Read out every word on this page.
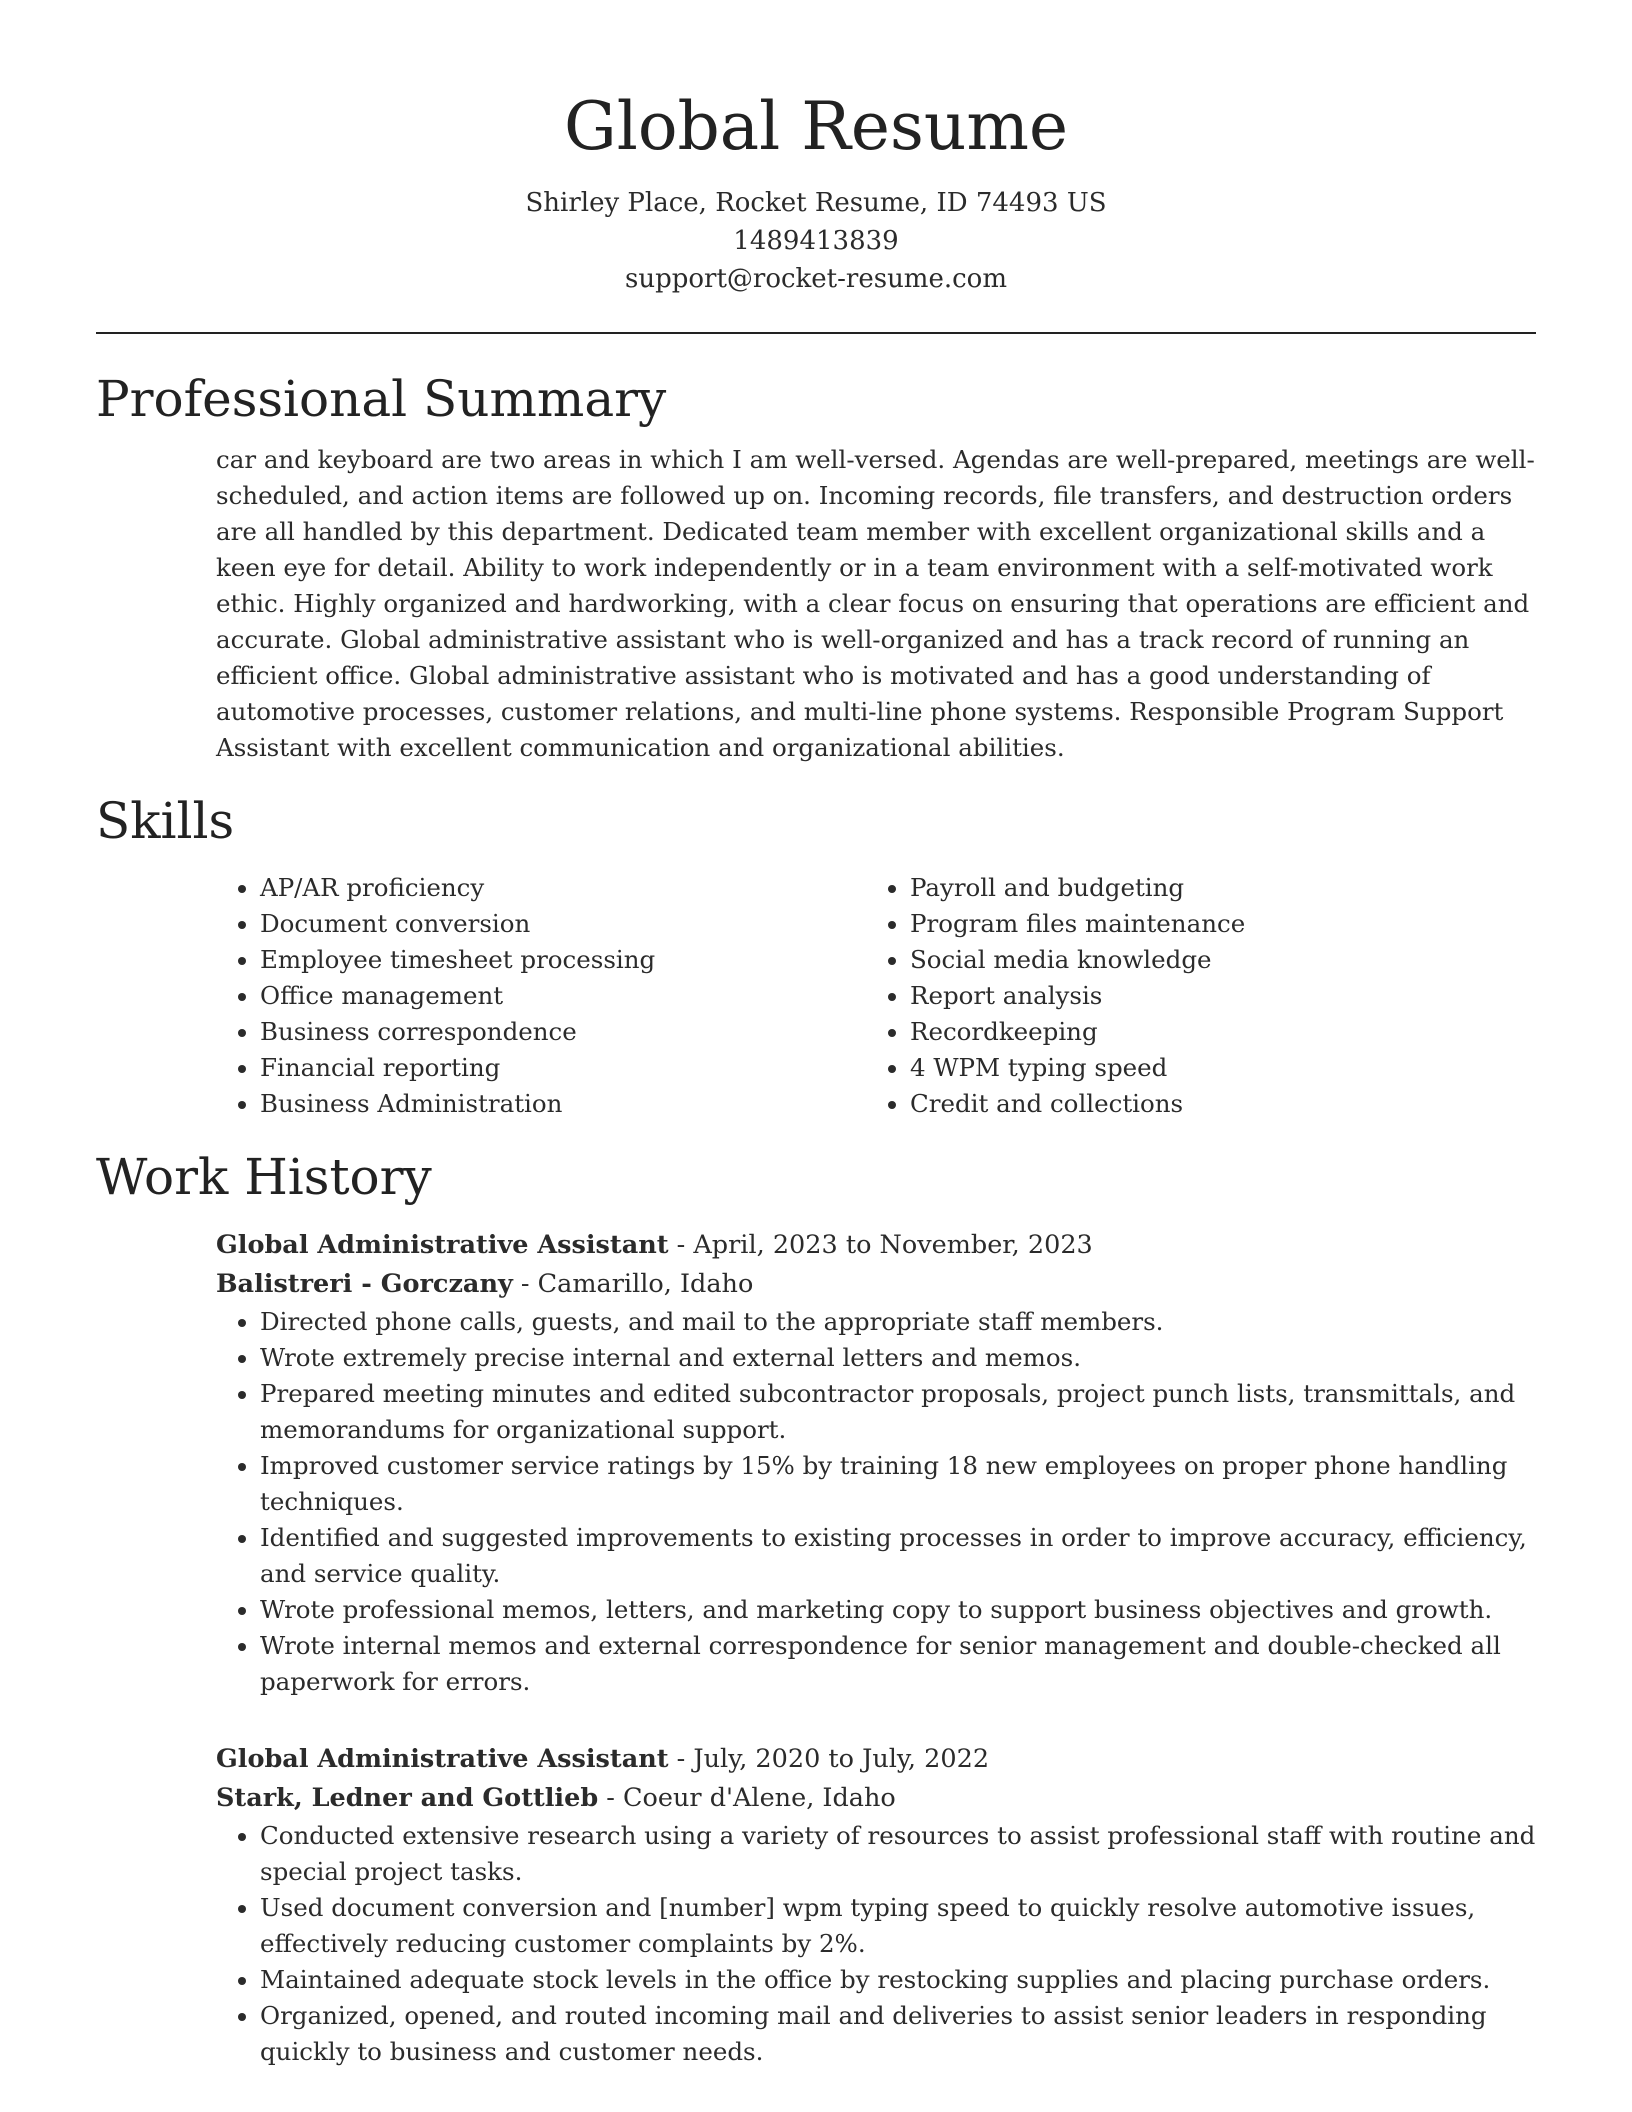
Global Resume
Shirley Place, Rocket Resume, ID 74493 US
1489413839
support@rocket-resume.com
Professional Summary
car and keyboard are two areas in which I am well-versed. Agendas are well-prepared, meetings are well-scheduled, and action items are followed up on. Incoming records, file transfers, and destruction orders are all handled by this department. Dedicated team member with excellent organizational skills and a keen eye for detail. Ability to work independently or in a team environment with a self-motivated work ethic. Highly organized and hardworking, with a clear focus on ensuring that operations are efficient and accurate. Global administrative assistant who is well-organized and has a track record of running an efficient office. Global administrative assistant who is motivated and has a good understanding of automotive processes, customer relations, and multi-line phone systems. Responsible Program Support Assistant with excellent communication and organizational abilities.
Skills
• AP/AR proficiency
• Document conversion
• Employee timesheet processing
• Office management
• Business correspondence
• Financial reporting
• Business Administration
• Payroll and budgeting
• Program files maintenance
• Social media knowledge
• Report analysis
• Recordkeeping
• 4 WPM typing speed
• Credit and collections
Work History
Global Administrative Assistant - April, 2023 to November, 2023
Balistreri - Gorczany - Camarillo, Idaho
• Directed phone calls, guests, and mail to the appropriate staff members.
• Wrote extremely precise internal and external letters and memos.
• Prepared meeting minutes and edited subcontractor proposals, project punch lists, transmittals, and memorandums for organizational support.
• Improved customer service ratings by 15% by training 18 new employees on proper phone handling techniques.
• Identified and suggested improvements to existing processes in order to improve accuracy, efficiency, and service quality.
• Wrote professional memos, letters, and marketing copy to support business objectives and growth.
• Wrote internal memos and external correspondence for senior management and double-checked all paperwork for errors.
Global Administrative Assistant - July, 2020 to July, 2022
Stark, Ledner and Gottlieb - Coeur d'Alene, Idaho
• Conducted extensive research using a variety of resources to assist professional staff with routine and special project tasks.
• Used document conversion and [number] wpm typing speed to quickly resolve automotive issues, effectively reducing customer complaints by 2%.
• Maintained adequate stock levels in the office by restocking supplies and placing purchase orders.
• Organized, opened, and routed incoming mail and deliveries to assist senior leaders in responding quickly to business and customer needs.
